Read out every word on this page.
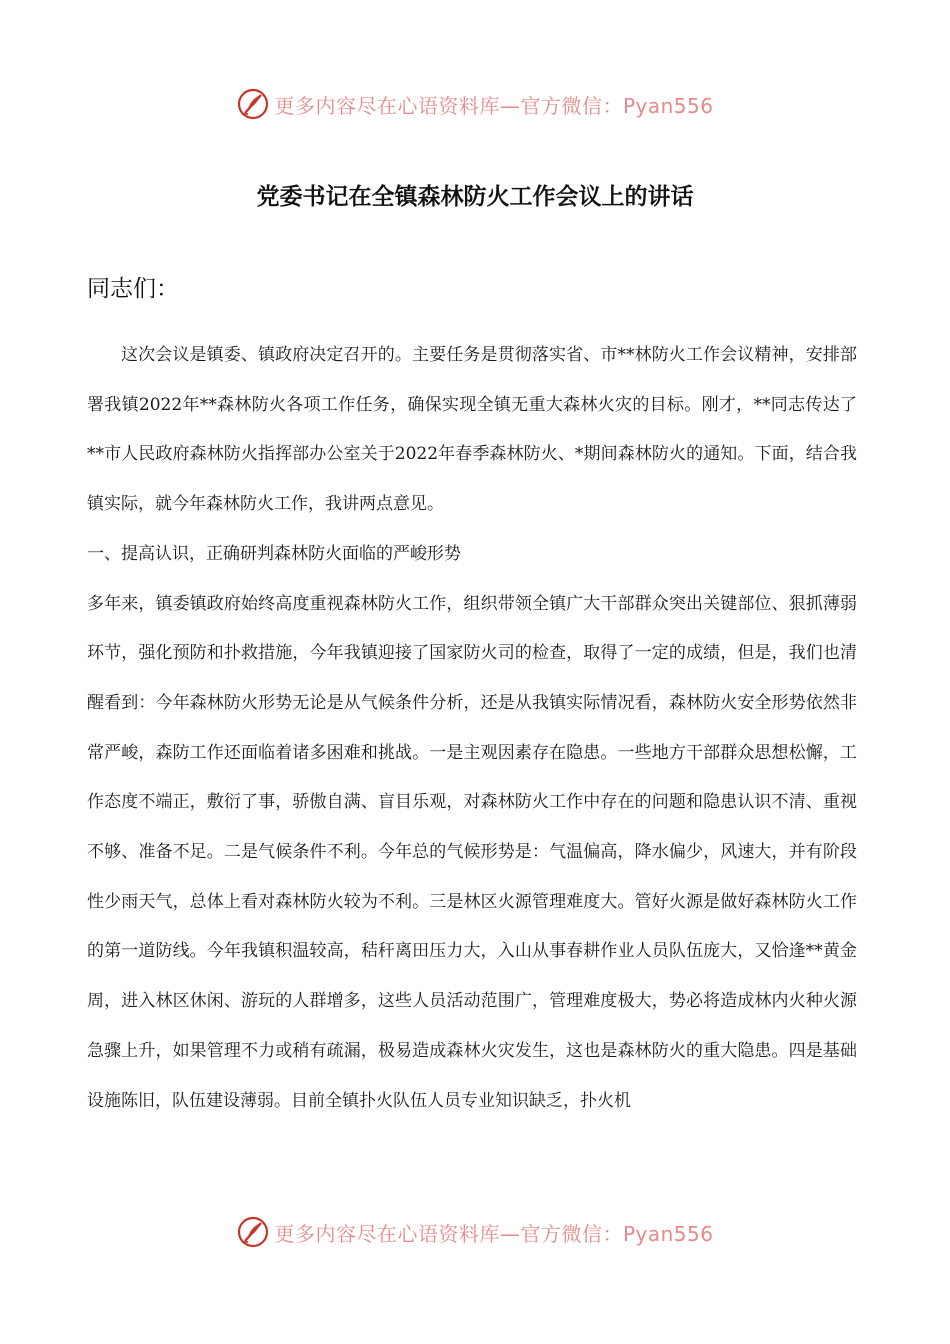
更多内容尽在心语资料库—官方微信：Pyan556
党委书记在全镇森林防火工作会议上的讲话

同志们：

这次会议是镇委、镇政府决定召开的。主要任务是贯彻落实省、市**林防火工作会议精神，安排部署我镇2022年**森林防火各项工作任务，确保实现全镇无重大森林火灾的目标。刚才，**同志传达了**市人民政府森林防火指挥部办公室关于2022年春季森林防火、*期间森林防火的通知。下面，结合我镇实际，就今年森林防火工作，我讲两点意见。

一、提高认识，正确研判森林防火面临的严峻形势

多年来，镇委镇政府始终高度重视森林防火工作，组织带领全镇广大干部群众突出关键部位、狠抓薄弱环节，强化预防和扑救措施，今年我镇迎接了国家防火司的检查，取得了一定的成绩，但是，我们也清醒看到：今年森林防火形势无论是从气候条件分析，还是从我镇实际情况看，森林防火安全形势依然非常严峻，森防工作还面临着诸多困难和挑战。一是主观因素存在隐患。一些地方干部群众思想松懈，工作态度不端正，敷衍了事，骄傲自满、盲目乐观，对森林防火工作中存在的问题和隐患认识不清、重视不够、准备不足。二是气候条件不利。今年总的气候形势是：气温偏高，降水偏少，风速大，并有阶段性少雨天气，总体上看对森林防火较为不利。三是林区火源管理难度大。管好火源是做好森林防火工作的第一道防线。今年我镇积温较高，秸秆离田压力大，入山从事春耕作业人员队伍庞大，又恰逢**黄金周，进入林区休闲、游玩的人群增多，这些人员活动范围广，管理难度极大，势必将造成林内火种火源急骤上升，如果管理不力或稍有疏漏，极易造成森林火灾发生，这也是森林防火的重大隐患。四是基础设施陈旧，队伍建设薄弱。目前全镇扑火队伍人员专业知识缺乏，扑火机

更多内容尽在心语资料库—官方微信：Pyan556
